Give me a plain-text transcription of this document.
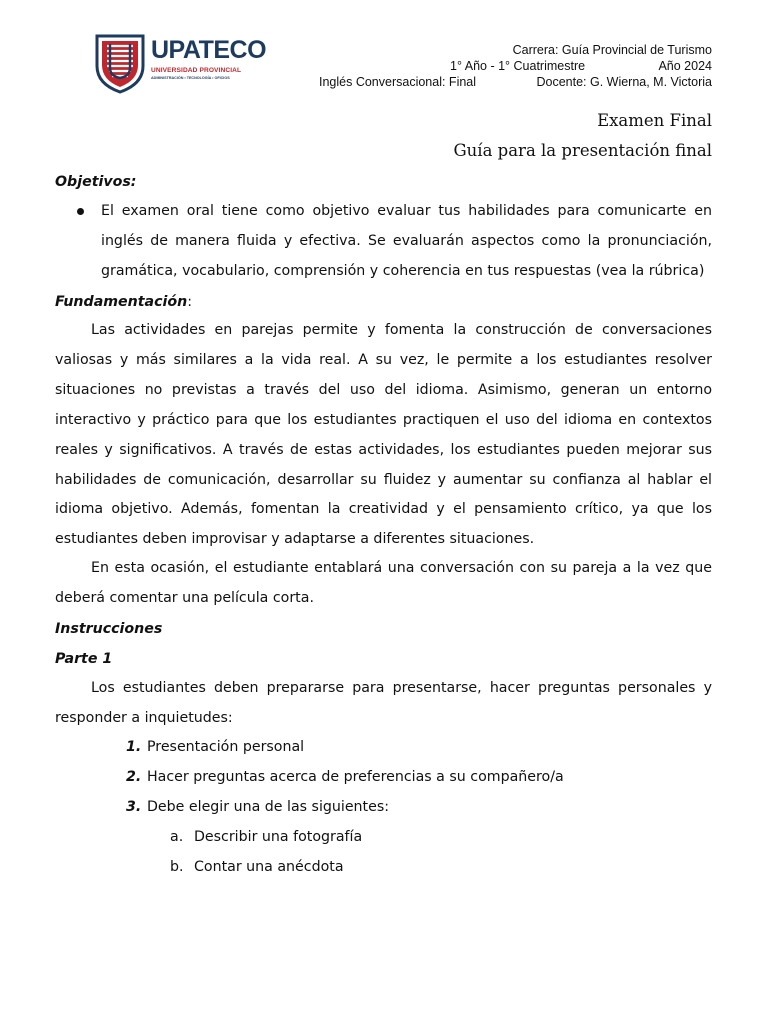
UPATECO
UNIVERSIDAD PROVINCIAL
ADMINISTRACIÓN • TECNOLOGÍA • OFICIOS
Carrera: Guía Provincial de Turismo
1° Año - 1° Cuatrimestre	Año 2024
Inglés Conversacional: Final	Docente: G. Wierna, M. Victoria
Examen Final
Guía para la presentación final
Objetivos:
El examen oral tiene como objetivo evaluar tus habilidades para comunicarte en inglés de manera fluida y efectiva. Se evaluarán aspectos como la pronunciación, gramática, vocabulario, comprensión y coherencia en tus respuestas (vea la rúbrica)
Fundamentación:
Las actividades en parejas permite y fomenta la construcción de conversaciones valiosas y más similares a la vida real. A su vez, le permite a los estudiantes resolver situaciones no previstas a través del uso del idioma. Asimismo, generan un entorno interactivo y práctico para que los estudiantes practiquen el uso del idioma en contextos reales y significativos. A través de estas actividades, los estudiantes pueden mejorar sus habilidades de comunicación, desarrollar su fluidez y aumentar su confianza al hablar el idioma objetivo. Además, fomentan la creatividad y el pensamiento crítico, ya que los estudiantes deben improvisar y adaptarse a diferentes situaciones.
En esta ocasión, el estudiante entablará una conversación con su pareja a la vez que deberá comentar una película corta.
Instrucciones
Parte 1
Los estudiantes deben prepararse para presentarse, hacer preguntas personales y responder a inquietudes:
1. Presentación personal
2. Hacer preguntas acerca de preferencias a su compañero/a
3. Debe elegir una de las siguientes:
a. Describir una fotografía
b. Contar una anécdota
